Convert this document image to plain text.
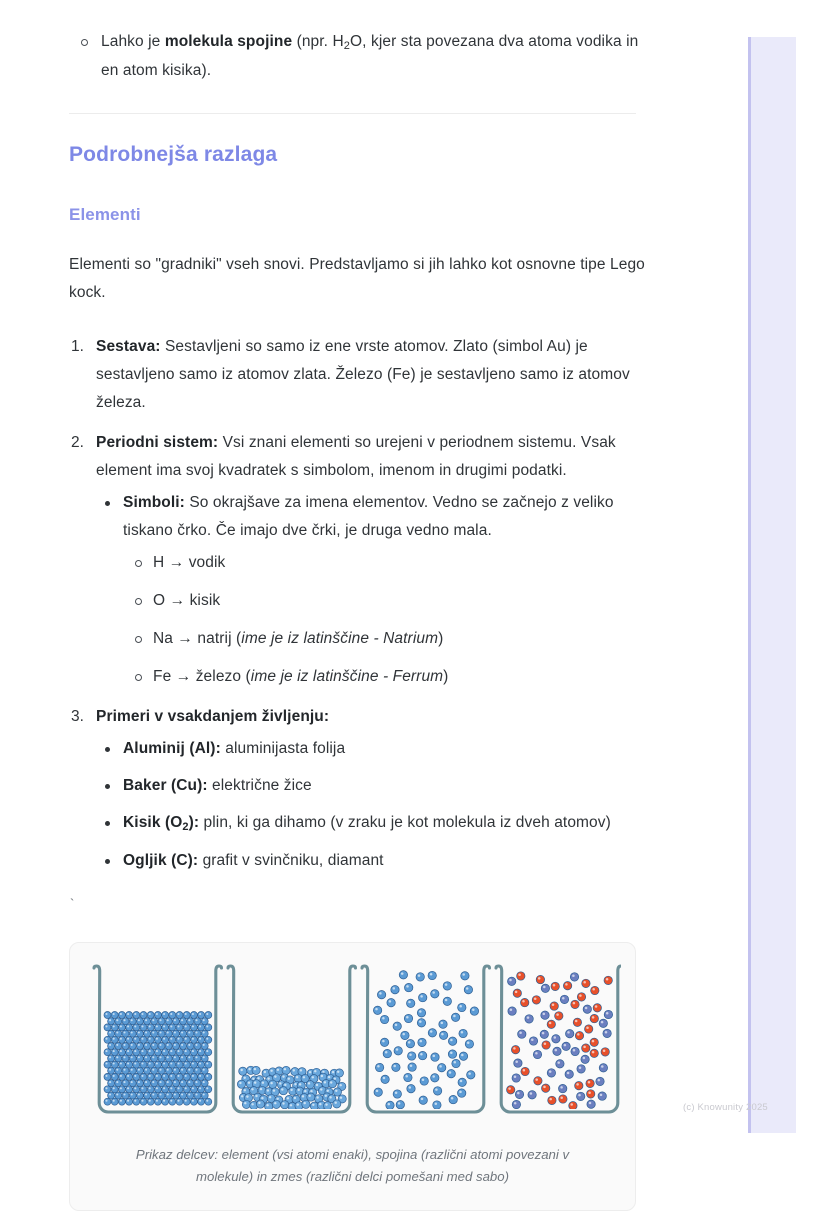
Lahko je molekula spojine (npr. $H_2O$, kjer sta povezana dva atoma vodika in en atom kisika).
Podrobnejša razlaga
Elementi

Elementi so "gradniki" vseh snovi. Predstavljamo si jih lahko kot osnovne tipe Lego kock.

Sestava: Sestavljeni so samo iz ene vrste atomov. Zlato (simbol Au) je sestavljeno samo iz atomov zlata. Železo (Fe) je sestavljeno samo iz atomov železa.
Periodni sistem: Vsi znani elementi so urejeni v periodnem sistemu. Vsak element ima svoj kvadratek s simbolom, imenom in drugimi podatki.
Simboli: So okrajšave za imena elementov. Vedno se začnejo z veliko tiskano črko. Če imajo dve črki, je druga vedno mala.
H → vodik
O → kisik
Na → natrij (ime je iz latinščine - Natrium)
Fe → železo (ime je iz latinščine - Ferrum)
Primeri v vsakdanjem življenju:
Aluminij (Al): aluminijasta folija
Baker (Cu): električne žice
Kisik $(O_2)$: plin, ki ga dihamo (v zraku je kot molekula iz dveh atomov)
Ogljik (C): grafit v svinčniku, diamant
`
Prikaz delcev: element (vsi atomi enaki), spojina (različni atomi povezani v molekule) in zmes (različni delci pomešani med sabo)
(c) Knowunity 2025
